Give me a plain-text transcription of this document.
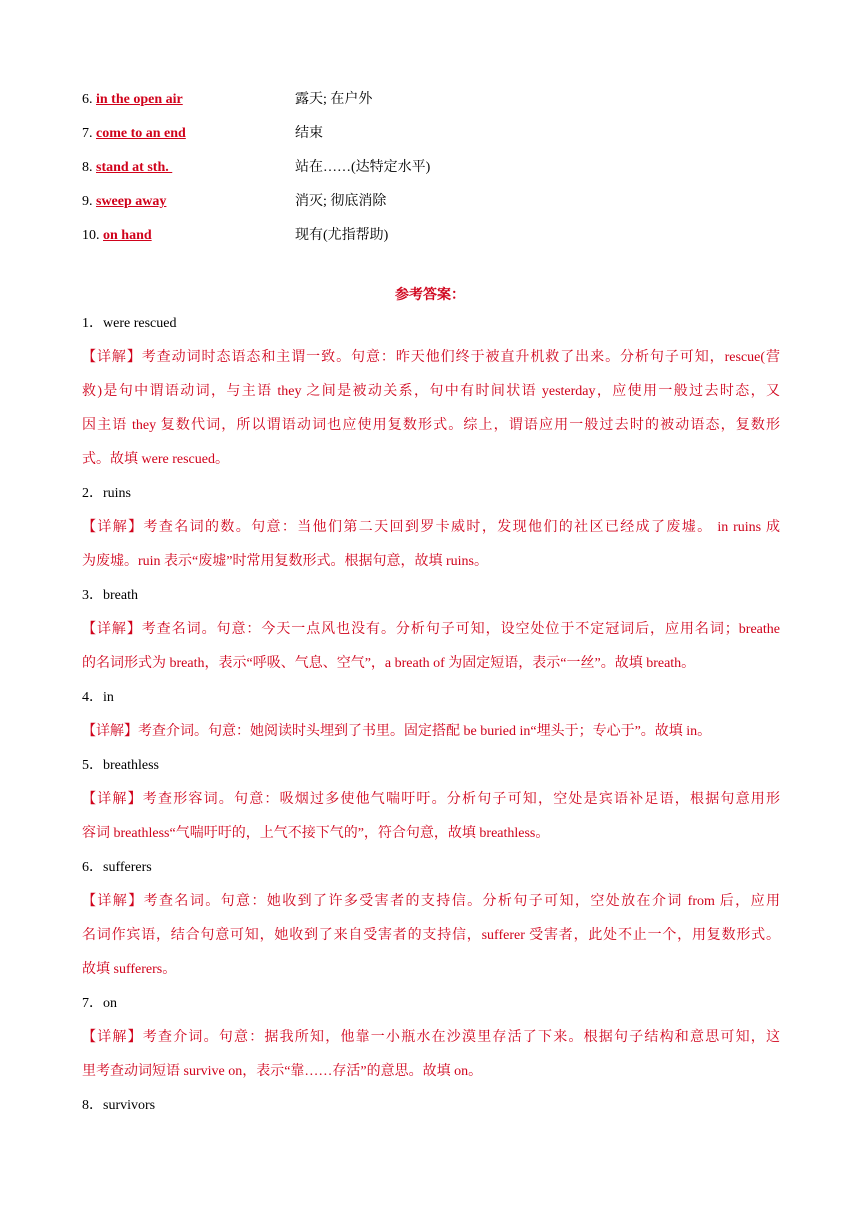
6. in the open air	露天; 在户外
7. come to an end	结束
8. stand at sth.	站在……(达特定水平)
9. sweep away	消灭; 彻底消除
10. on hand	现有(尤指帮助)
参考答案：
1．were rescued
【详解】考查动词时态语态和主谓一致。句意：昨天他们终于被直升机救了出来。分析句子可知，rescue(营
救)是句中谓语动词，与主语 they 之间是被动关系，句中有时间状语 yesterday，应使用一般过去时态，又
因主语 they 复数代词，所以谓语动词也应使用复数形式。综上，谓语应用一般过去时的被动语态，复数形
式。故填 were rescued。
2．ruins
【详解】考查名词的数。句意：当他们第二天回到罗卡威时，发现他们的社区已经成了废墟。 in ruins 成
为废墟。ruin 表示“废墟”时常用复数形式。根据句意，故填 ruins。
3．breath
【详解】考查名词。句意：今天一点风也没有。分析句子可知，设空处位于不定冠词后，应用名词；breathe
的名词形式为 breath，表示“呼吸、气息、空气”，a breath of 为固定短语，表示“一丝”。故填 breath。
4．in
【详解】考查介词。句意：她阅读时头埋到了书里。固定搭配 be buried in“埋头于；专心于”。故填 in。
5．breathless
【详解】考查形容词。句意：吸烟过多使他气喘吁吁。分析句子可知，空处是宾语补足语，根据句意用形
容词 breathless“气喘吁吁的，上气不接下气的”，符合句意，故填 breathless。
6．sufferers
【详解】考查名词。句意：她收到了许多受害者的支持信。分析句子可知，空处放在介词 from 后，应用
名词作宾语，结合句意可知，她收到了来自受害者的支持信，sufferer 受害者，此处不止一个，用复数形式。
故填 sufferers。
7．on
【详解】考查介词。句意：据我所知，他靠一小瓶水在沙漠里存活了下来。根据句子结构和意思可知，这
里考查动词短语 survive on，表示“靠……存活”的意思。故填 on。
8．survivors
